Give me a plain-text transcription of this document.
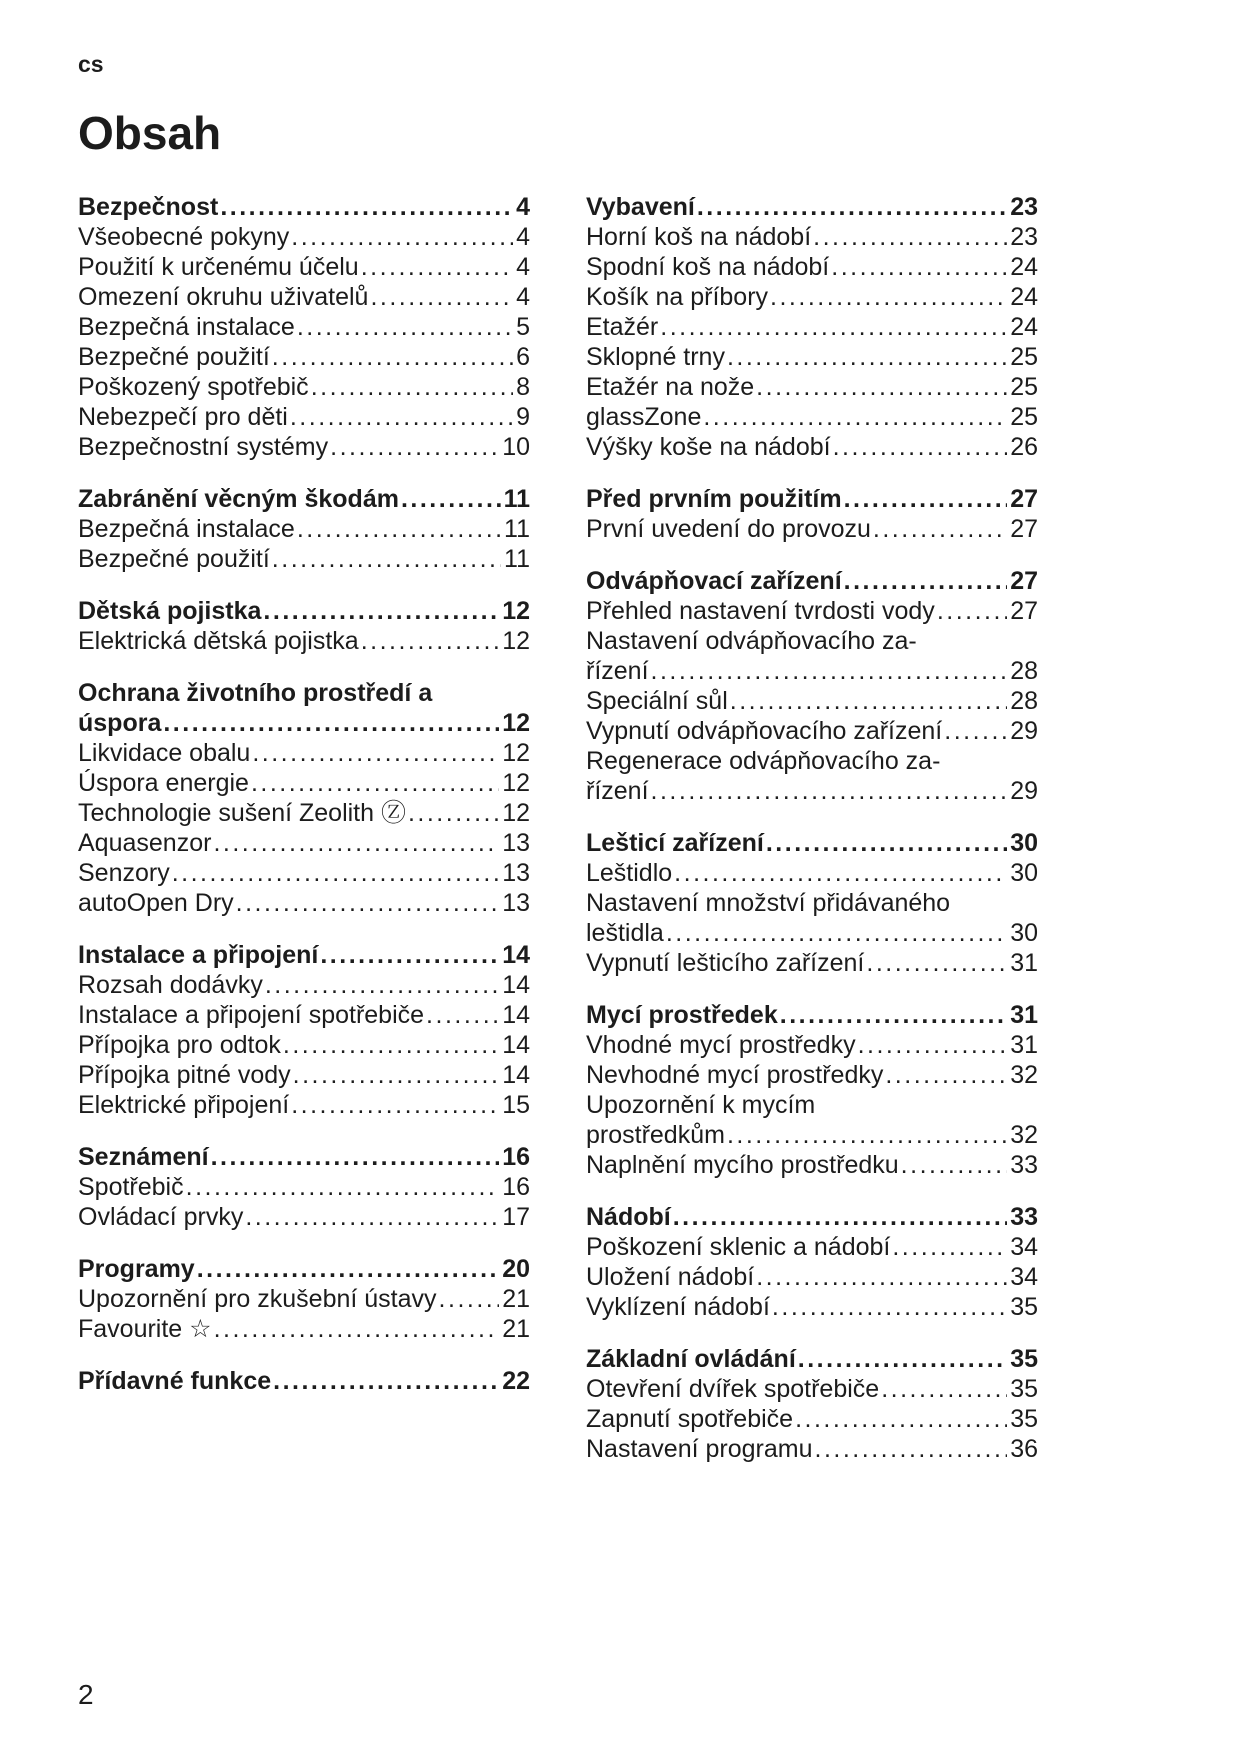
cs
Obsah
Bezpečnost .....	4
Všeobecné pokyny .....	4
Použití k určenému účelu .....	4
Omezení okruhu uživatelů .....	4
Bezpečná instalace .....	5
Bezpečné použití .....	6
Poškozený spotřebič .....	8
Nebezpečí pro děti .....	9
Bezpečnostní systémy .....	10
Zabránění věcným škodám .....	11
Bezpečná instalace .....	11
Bezpečné použití .....	11
Dětská pojistka .....	12
Elektrická dětská pojistka .....	12
Ochrana životního prostředí a
úspora .....	12
Likvidace obalu .....	12
Úspora energie .....	12
Technologie sušení Zeolith Ⓩ .....	12
Aquasenzor .....	13
Senzory .....	13
autoOpen Dry .....	13
Instalace a připojení .....	14
Rozsah dodávky .....	14
Instalace a připojení spotřebiče .....	14
Přípojka pro odtok .....	14
Přípojka pitné vody .....	14
Elektrické připojení .....	15
Seznámení .....	16
Spotřebič .....	16
Ovládací prvky .....	17
Programy .....	20
Upozornění pro zkušební ústavy .....	21
Favourite ☆ .....	21
Přídavné funkce .....	22
Vybavení .....	23
Horní koš na nádobí .....	23
Spodní koš na nádobí .....	24
Košík na příbory .....	24
Etažér .....	24
Sklopné trny .....	25
Etažér na nože .....	25
glassZone .....	25
Výšky koše na nádobí .....	26
Před prvním použitím .....	27
První uvedení do provozu .....	27
Odvápňovací zařízení .....	27
Přehled nastavení tvrdosti vody .....	27
Nastavení odvápňovacího za-
řízení .....	28
Speciální sůl .....	28
Vypnutí odvápňovacího zařízení .....	29
Regenerace odvápňovacího za-
řízení .....	29
Lešticí zařízení .....	30
Leštidlo .....	30
Nastavení množství přidávaného
leštidla .....	30
Vypnutí lešticího zařízení .....	31
Mycí prostředek .....	31
Vhodné mycí prostředky .....	31
Nevhodné mycí prostředky .....	32
Upozornění k mycím
prostředkům .....	32
Naplnění mycího prostředku .....	33
Nádobí .....	33
Poškození sklenic a nádobí .....	34
Uložení nádobí .....	34
Vyklízení nádobí .....	35
Základní ovládání .....	35
Otevření dvířek spotřebiče .....	35
Zapnutí spotřebiče .....	35
Nastavení programu .....	36
2
